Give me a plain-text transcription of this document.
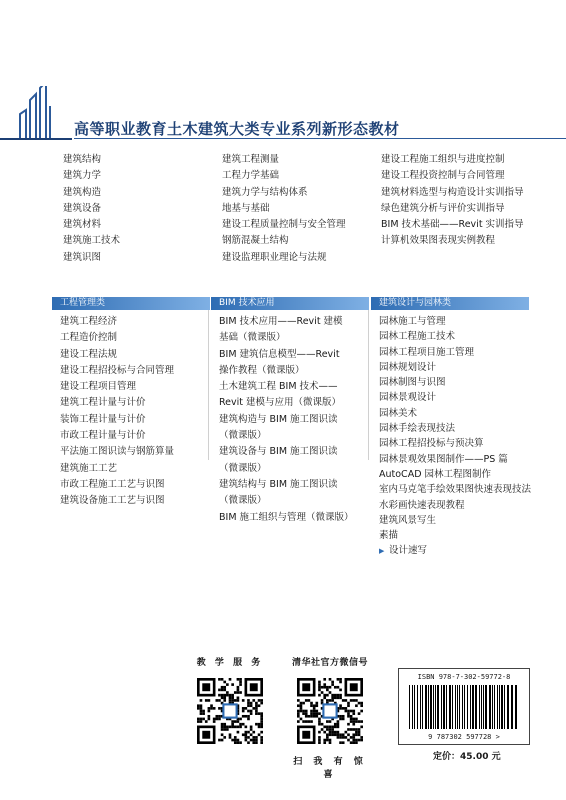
高等职业教育土木建筑大类专业系列新形态教材
建筑结构
建筑力学
建筑构造
建筑设备
建筑材料
建筑施工技术
建筑识图
建筑工程测量
工程力学基础
建筑力学与结构体系
地基与基础
建设工程质量控制与安全管理
钢筋混凝土结构
建设监理职业理论与法规
建设工程施工组织与进度控制
建设工程投资控制与合同管理
建筑材料选型与构造设计实训指导
绿色建筑分析与评价实训指导
BIM 技术基础——Revit 实训指导
计算机效果图表现实例教程
工程管理类
建筑工程经济
工程造价控制
建设工程法规
建设工程招投标与合同管理
建设工程项目管理
建筑工程计量与计价
装饰工程计量与计价
市政工程计量与计价
平法施工图识读与钢筋算量
建筑施工工艺
市政工程施工工艺与识图
建筑设备施工工艺与识图
BIM 技术应用
BIM 技术应用——Revit 建模
基础（微课版）
BIM 建筑信息模型——Revit
操作教程（微课版）
土木建筑工程 BIM 技术——
Revit 建模与应用（微课版）
建筑构造与 BIM 施工图识读
（微课版）
建筑设备与 BIM 施工图识读
（微课版）
建筑结构与 BIM 施工图识读
（微课版）
BIM 施工组织与管理（微课版）
建筑设计与园林类
园林施工与管理
园林工程施工技术
园林工程项目施工管理
园林规划设计
园林制图与识图
园林景观设计
园林美术
园林手绘表现技法
园林工程招投标与预决算
园林景观效果图制作——PS 篇
AutoCAD 园林工程图制作
室内马克笔手绘效果图快速表现技法
水彩画快速表现教程
建筑风景写生
素描
▶ 设计速写
教 学 服 务	清华社官方微信号
扫 我 有 惊 喜
ISBN 978-7-302-59772-8
9 787302 597728 >
定价：45.00 元
